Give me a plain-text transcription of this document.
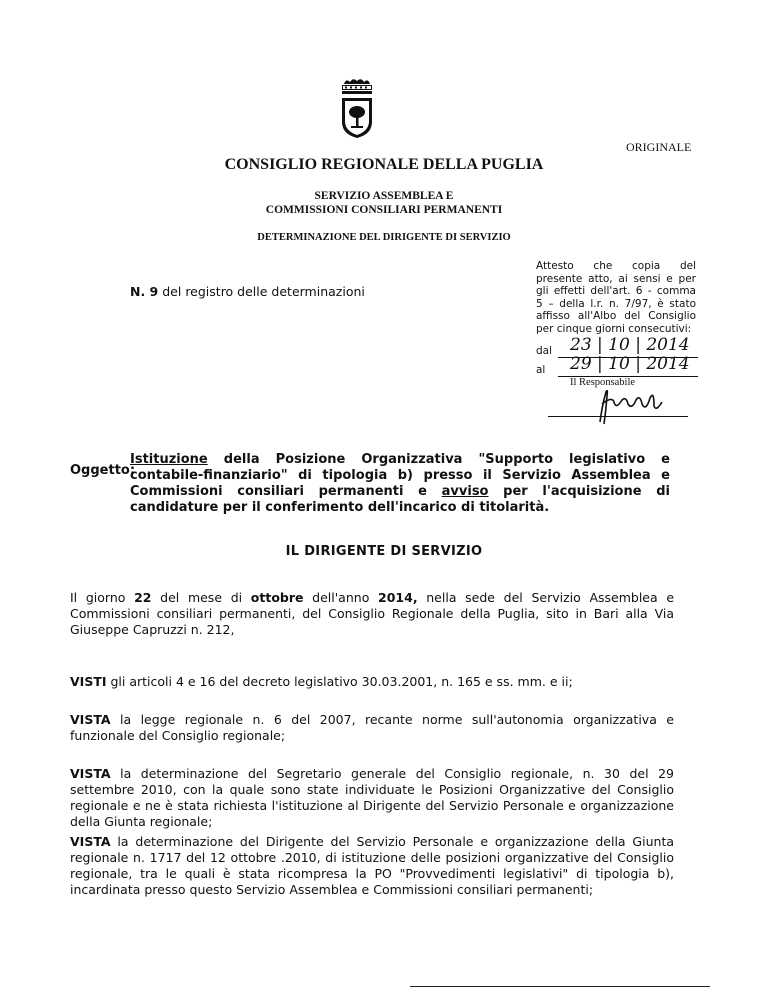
ORIGINALE
CONSIGLIO REGIONALE DELLA PUGLIA
SERVIZIO ASSEMBLEA E
COMMISSIONI CONSILIARI PERMANENTI
DETERMINAZIONE DEL DIRIGENTE DI SERVIZIO
Attesto che copia del presente atto, ai sensi e per gli effetti dell'art. 6 - comma 5 – della l.r. n. 7/97, è stato affisso all'Albo del Consiglio per cinque giorni consecutivi:
N. 9 del registro delle determinazioni
dal 23 | 10 | 2014
al 29 | 10 | 2014
Il Responsabile
Oggetto:
Istituzione della Posizione Organizzativa "Supporto legislativo e contabile-finanziario" di tipologia b) presso il Servizio Assemblea e Commissioni consiliari permanenti e avviso per l'acquisizione di candidature per il conferimento dell'incarico di titolarità.
IL DIRIGENTE DI SERVIZIO
Il giorno 22 del mese di ottobre dell'anno 2014, nella sede del Servizio Assemblea e Commissioni consiliari permanenti, del Consiglio Regionale della Puglia, sito in Bari alla Via Giuseppe Capruzzi n. 212,
VISTI gli articoli 4 e 16 del decreto legislativo 30.03.2001, n. 165 e ss. mm. e ii;
VISTA la legge regionale n. 6 del 2007, recante norme sull'autonomia organizzativa e funzionale del Consiglio regionale;
VISTA la determinazione del Segretario generale del Consiglio regionale, n. 30 del 29 settembre 2010, con la quale sono state individuate le Posizioni Organizzative del Consiglio regionale e ne è stata richiesta l'istituzione al Dirigente del Servizio Personale e organizzazione della Giunta regionale;
VISTA la determinazione del Dirigente del Servizio Personale e organizzazione della Giunta regionale n. 1717 del 12 ottobre .2010, di istituzione delle posizioni organizzative del Consiglio regionale, tra le quali è stata ricompresa la PO "Provvedimenti legislativi" di tipologia b), incardinata presso questo Servizio Assemblea e Commissioni consiliari permanenti;
